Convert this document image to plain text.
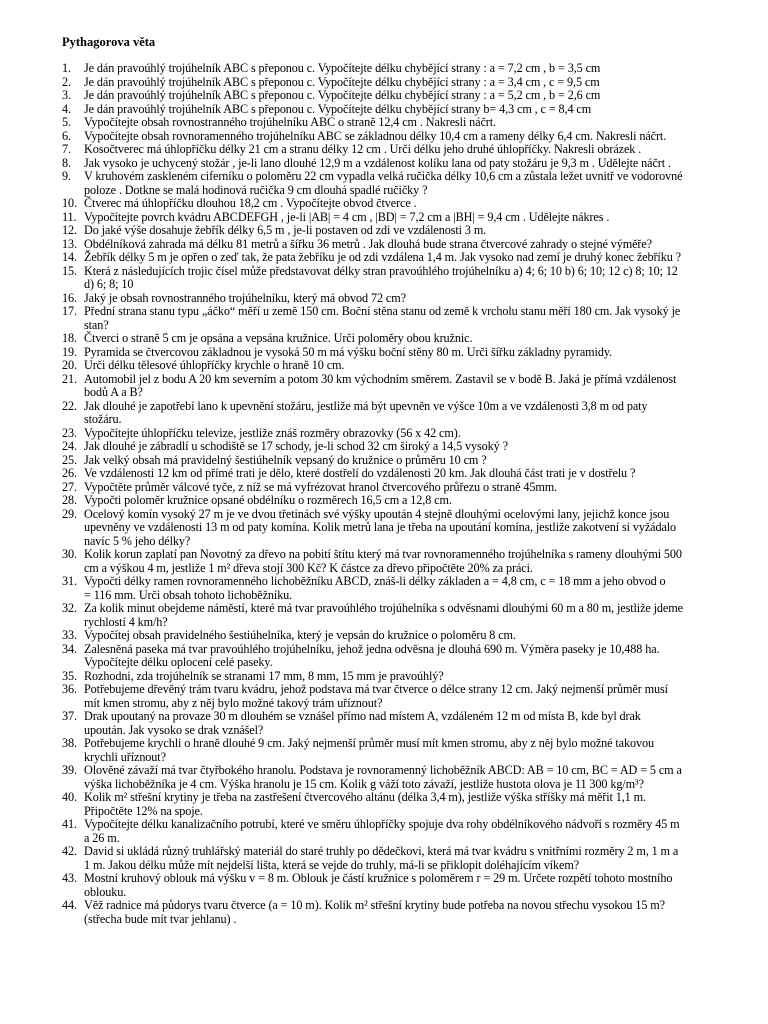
Pythagorova věta
1.	Je dán pravoúhlý trojúhelník ABC s přeponou c. Vypočítejte délku chybějící strany : a = 7,2 cm , b = 3,5 cm
2.	Je dán pravoúhlý trojúhelník ABC s přeponou c. Vypočítejte délku chybějící strany : a = 3,4 cm , c = 9,5 cm
3.	Je dán pravoúhlý trojúhelník ABC s přeponou c. Vypočítejte délku chybějící strany : a = 5,2 cm , b = 2,6 cm
4.	Je dán pravoúhlý trojúhelník ABC s přeponou c. Vypočítejte délku chybějící strany b= 4,3 cm , c = 8,4 cm
5.	Vypočítejte obsah rovnostranného trojúhelníku ABC o straně 12,4 cm . Nakresli náčrt.
6.	Vypočítejte obsah rovnoramenného trojúhelníku ABC se základnou délky 10,4 cm a rameny délky 6,4 cm. Nakresli náčrt.
7.	Kosočtverec má úhlopříčku délky 21 cm a stranu délky 12 cm . Urči délku jeho druhé úhlopříčky. Nakresli obrázek .
8.	Jak vysoko je uchycený stožár , je-li lano dlouhé 12,9 m a vzdálenost kolíku lana od paty stožáru je 9,3 m . Udělejte náčrt .
9.	V kruhovém zaskleném ciferníku o poloměru 22 cm vypadla velká ručička délky 10,6 cm a zůstala ležet uvnitř ve vodorovné
poloze . Dotkne se malá hodinová ručička 9 cm dlouhá spadlé ručičky ?
10. Čtverec má úhlopříčku dlouhou 18,2 cm . Vypočítejte obvod čtverce .
11. Vypočítejte povrch kvádru ABCDEFGH , je-li |AB| = 4 cm , |BD| = 7,2 cm a |BH| = 9,4 cm . Udělejte nákres .
12. Do jaké výše dosahuje žebřík délky 6,5 m , je-li postaven od zdi ve vzdálenosti 3 m.
13. Obdélníková zahrada má délku 81 metrů a šířku 36 metrů . Jak dlouhá bude strana čtvercové zahrady o stejné výměře?
14. Žebřík délky 5 m je opřen o zeď tak, že pata žebříku je od zdi vzdálena 1,4 m. Jak vysoko nad zemí je druhý konec žebříku ?
15. Která z následujících trojic čísel může představovat délky stran pravoúhlého trojúhelníku a) 4; 6; 10 b) 6; 10; 12 c) 8; 10; 12
d) 6; 8; 10
16. Jaký je obsah rovnostranného trojúhelníku, který má obvod 72 cm?
17. Přední strana stanu typu „áčko“ měří u země 150 cm. Boční stěna stanu od země k vrcholu stanu měří 180 cm. Jak vysoký je
stan?
18. Čtverci o straně 5 cm je opsána a vepsána kružnice. Urči poloměry obou kružnic.
19. Pyramida se čtvercovou základnou je vysoká 50 m má výšku boční stěny 80 m. Urči šířku základny pyramidy.
20. Urči délku tělesové úhlopříčky krychle o hraně 10 cm.
21. Automobil jel z bodu A 20 km severním a potom 30 km východním směrem. Zastavil se v bodě B. Jaká je přímá vzdálenost
bodů A a B?
22. Jak dlouhé je zapotřebí lano k upevnění stožáru, jestliže má být upevněn ve výšce 10m a ve vzdálenosti 3,8 m od paty
stožáru.
23. Vypočítejte úhlopříčku televize, jestliže znáš rozměry obrazovky (56 x 42 cm).
24. Jak dlouhé je zábradlí u schodiště se 17 schody, je-li schod 32 cm široký a 14,5 vysoký ?
25. Jak velký obsah má pravidelný šestiúhelník vepsaný do kružnice o průměru 10 cm ?
26. Ve vzdálenosti 12 km od přímé trati je dělo, které dostřelí do vzdálenosti 20 km. Jak dlouhá část trati je v dostřelu ?
27. Vypočtěte průměr válcové tyče, z níž se má vyfrézovat hranol čtvercového průřezu o straně 45mm.
28. Vypočti poloměr kružnice opsané obdélníku o rozměrech 16,5 cm a 12,8 cm.
29. Ocelový komín vysoký 27 m je ve dvou třetinách své výšky upoután 4 stejně dlouhými ocelovými lany, jejichž konce jsou
upevněny ve vzdálenosti 13 m od paty komína. Kolik metrů lana je třeba na upoutání komína, jestliže zakotvení si vyžádalo
navíc 5 % jeho délky?
30. Kolik korun zaplatí pan Novotný za dřevo na pobití štítu který má tvar rovnoramenného trojúhelníka s rameny dlouhými 500
cm a výškou 4 m, jestliže 1 m² dřeva stojí 300 Kč? K částce za dřevo připočtěte 20% za práci.
31. Vypočti délky ramen rovnoramenného lichoběžníku ABCD, znáš-li délky základen a = 4,8 cm, c = 18 mm a jeho obvod o
= 116 mm. Urči obsah tohoto lichoběžníku.
32. Za kolik minut obejdeme náměstí, které má tvar pravoúhlého trojúhelníka s odvěsnami dlouhými 60 m a 80 m, jestliže jdeme
rychlostí 4 km/h?
33. Vypočítej obsah pravidelného šestiúhelníka, který je vepsán do kružnice o poloměru 8 cm.
34. Zalesněná paseka má tvar pravoúhlého trojúhelníku, jehož jedna odvěsna je dlouhá 690 m. Výměra paseky je 10,488 ha.
Vypočítejte délku oplocení celé paseky.
35. Rozhodni, zda trojúhelník se stranami 17 mm, 8 mm, 15 mm je pravoúhlý?
36. Potřebujeme dřevěný trám tvaru kvádru, jehož podstava má tvar čtverce o délce strany 12 cm. Jaký nejmenší průměr musí
mít kmen stromu, aby z něj bylo možné takový trám uříznout?
37. Drak upoutaný na provaze 30 m dlouhém se vznášel přímo nad místem A, vzdáleném 12 m od místa B, kde byl drak
upoután. Jak vysoko se drak vznášel?
38. Potřebujeme krychli o hraně dlouhé 9 cm. Jaký nejmenší průměr musí mít kmen stromu, aby z něj bylo možné takovou
krychli uříznout?
39. Olověné závaží má tvar čtyřbokého hranolu. Podstava je rovnoramenný lichoběžník ABCD: AB = 10 cm, BC = AD = 5 cm a
výška lichoběžníka je 4 cm. Výška hranolu je 15 cm. Kolik g váží toto závaží, jestliže hustota olova je 11 300 kg/m³?
40. Kolik m² střešní krytiny je třeba na zastřešení čtvercového altánu (délka 3,4 m), jestliže výška stříšky má měřit 1,1 m.
Připočtěte 12% na spoje.
41. Vypočítejte délku kanalizačního potrubí, které ve směru úhlopříčky spojuje dva rohy obdélníkového nádvoří s rozměry 45 m
a 26 m.
42. David si ukládá různý truhlářský materiál do staré truhly po dědečkovi, která má tvar kvádru s vnitřními rozměry 2 m, 1 m a
1 m. Jakou délku může mít nejdelší lišta, která se vejde do truhly, má-li se přiklopit doléhajícím víkem?
43. Mostní kruhový oblouk má výšku v = 8 m. Oblouk je částí kružnice s poloměrem r = 29 m. Určete rozpětí tohoto mostního
oblouku.
44. Věž radnice má půdorys tvaru čtverce (a = 10 m). Kolik m² střešní krytiny bude potřeba na novou střechu vysokou 15 m?
(střecha bude mít tvar jehlanu) .
